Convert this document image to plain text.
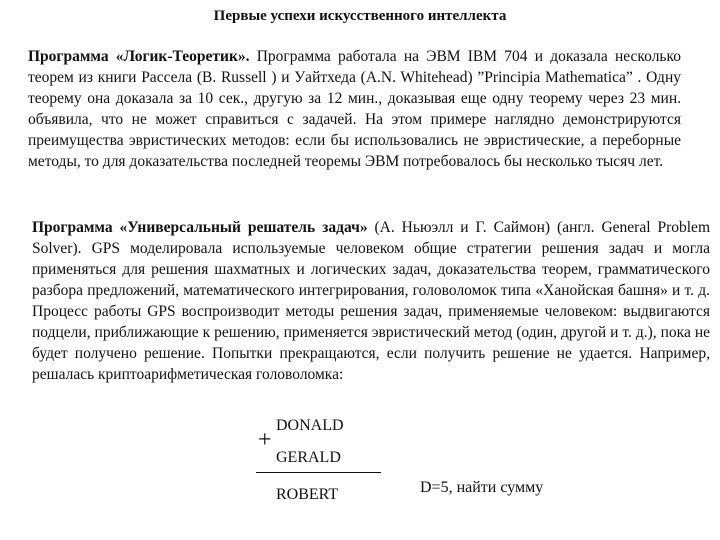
Первые успехи искусственного интеллекта

Программа «Логик-Теоретик». Программа работала на ЭВМ IBM 704 и доказала несколько теорем из книги Рассела (B. Russell ) и Уайтхеда (A.N. Whitehead) ”Principia Mathematica” . Одну теорему она доказала за 10 сек., другую за 12 мин., доказывая еще одну теорему через 23 мин. объявила, что не может справиться с задачей. На этом примере наглядно демонстрируются преимущества эвристических методов: если бы использовались не эвристические, а переборные методы, то для доказательства последней теоремы ЭВМ потребовалось бы несколько тысяч лет.

Программа «Универсальный решатель задач» (А. Ньюэлл и Г. Саймон) (англ. General Problem Solver). GPS моделировала используемые человеком общие стратегии решения задач и могла применяться для решения шахматных и логических задач, доказательства теорем, грамматического разбора предложений, математического интегрирования, головоломок типа «Ханойская башня» и т. д. Процесс работы GPS воспроизводит методы решения задач, применяемые человеком: выдвигаются подцели, приближающие к решению, применяется эвристический метод (один, другой и т. д.), пока не будет получено решение. Попытки прекращаются, если получить решение не удается. Например, решалась криптоарифметическая головоломка:

DONALD
+
GERALD
ROBERT	D=5, найти сумму
